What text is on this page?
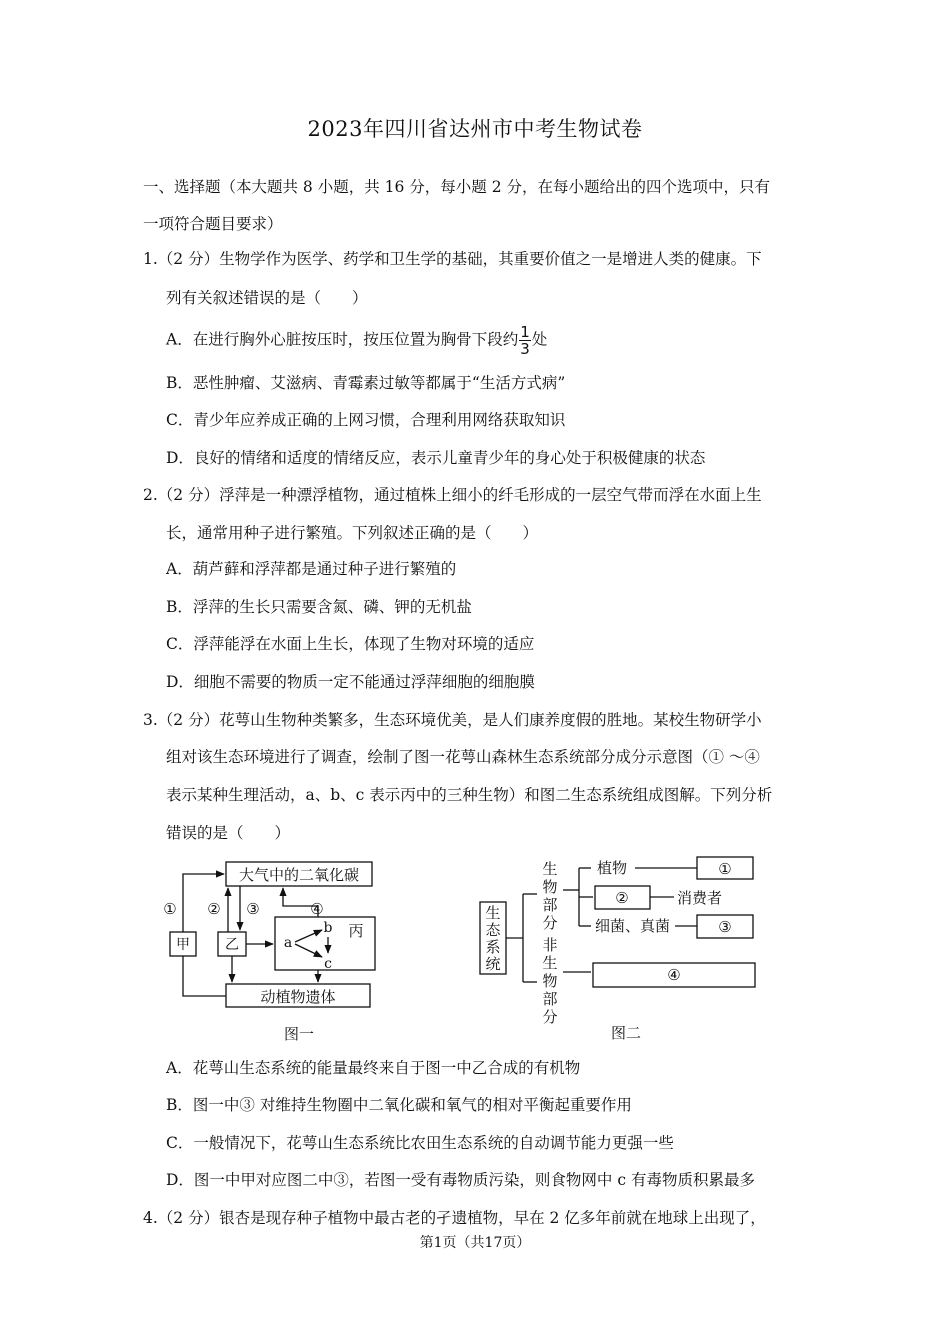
2023年四川省达州市中考生物试卷
一、选择题（本大题共 8 小题，共 16 分，每小题 2 分，在每小题给出的四个选项中，只有
一项符合题目要求）
1.（2 分）生物学作为医学、药学和卫生学的基础，其重要价值之一是增进人类的健康。下
列有关叙述错误的是（　　）
A．在进行胸外心脏按压时，按压位置为胸骨下段约 $\frac{1}{3}$ 处
B．恶性肿瘤、艾滋病、青霉素过敏等都属于“生活方式病”
C．青少年应养成正确的上网习惯，合理利用网络获取知识
D．良好的情绪和适度的情绪反应，表示儿童青少年的身心处于积极健康的状态
2.（2 分）浮萍是一种漂浮植物，通过植株上细小的纤毛形成的一层空气带而浮在水面上生
长，通常用种子进行繁殖。下列叙述正确的是（　　）
A．葫芦藓和浮萍都是通过种子进行繁殖的
B．浮萍的生长只需要含氮、磷、钾的无机盐
C．浮萍能浮在水面上生长，体现了生物对环境的适应
D．细胞不需要的物质一定不能通过浮萍细胞的细胞膜
3.（2 分）花萼山生物种类繁多，生态环境优美，是人们康养度假的胜地。某校生物研学小
组对该生态环境进行了调查，绘制了图一花萼山森林生态系统部分成分示意图（① ～④
表示某种生理活动，a、b、c 表示丙中的三种生物）和图二生态系统组成图解。下列分析
错误的是（　　）
大气中的二氧化碳
动植物遗体
甲	乙
丙
① ② ③	④
a
b
c
图一
生
态
系
统
生
物
部
分
非
生
物
部
分
①
②
③
④
图二
植物
消费者
细菌、真菌
A．花萼山生态系统的能量最终来自于图一中乙合成的有机物
B．图一中③ 对维持生物圈中二氧化碳和氧气的相对平衡起重要作用
C．一般情况下，花萼山生态系统比农田生态系统的自动调节能力更强一些
D．图一中甲对应图二中③，若图一受有毒物质污染，则食物网中 c 有毒物质积累最多
4.（2 分）银杏是现存种子植物中最古老的孑遗植物，早在 2 亿多年前就在地球上出现了，
第1页（共17页）
